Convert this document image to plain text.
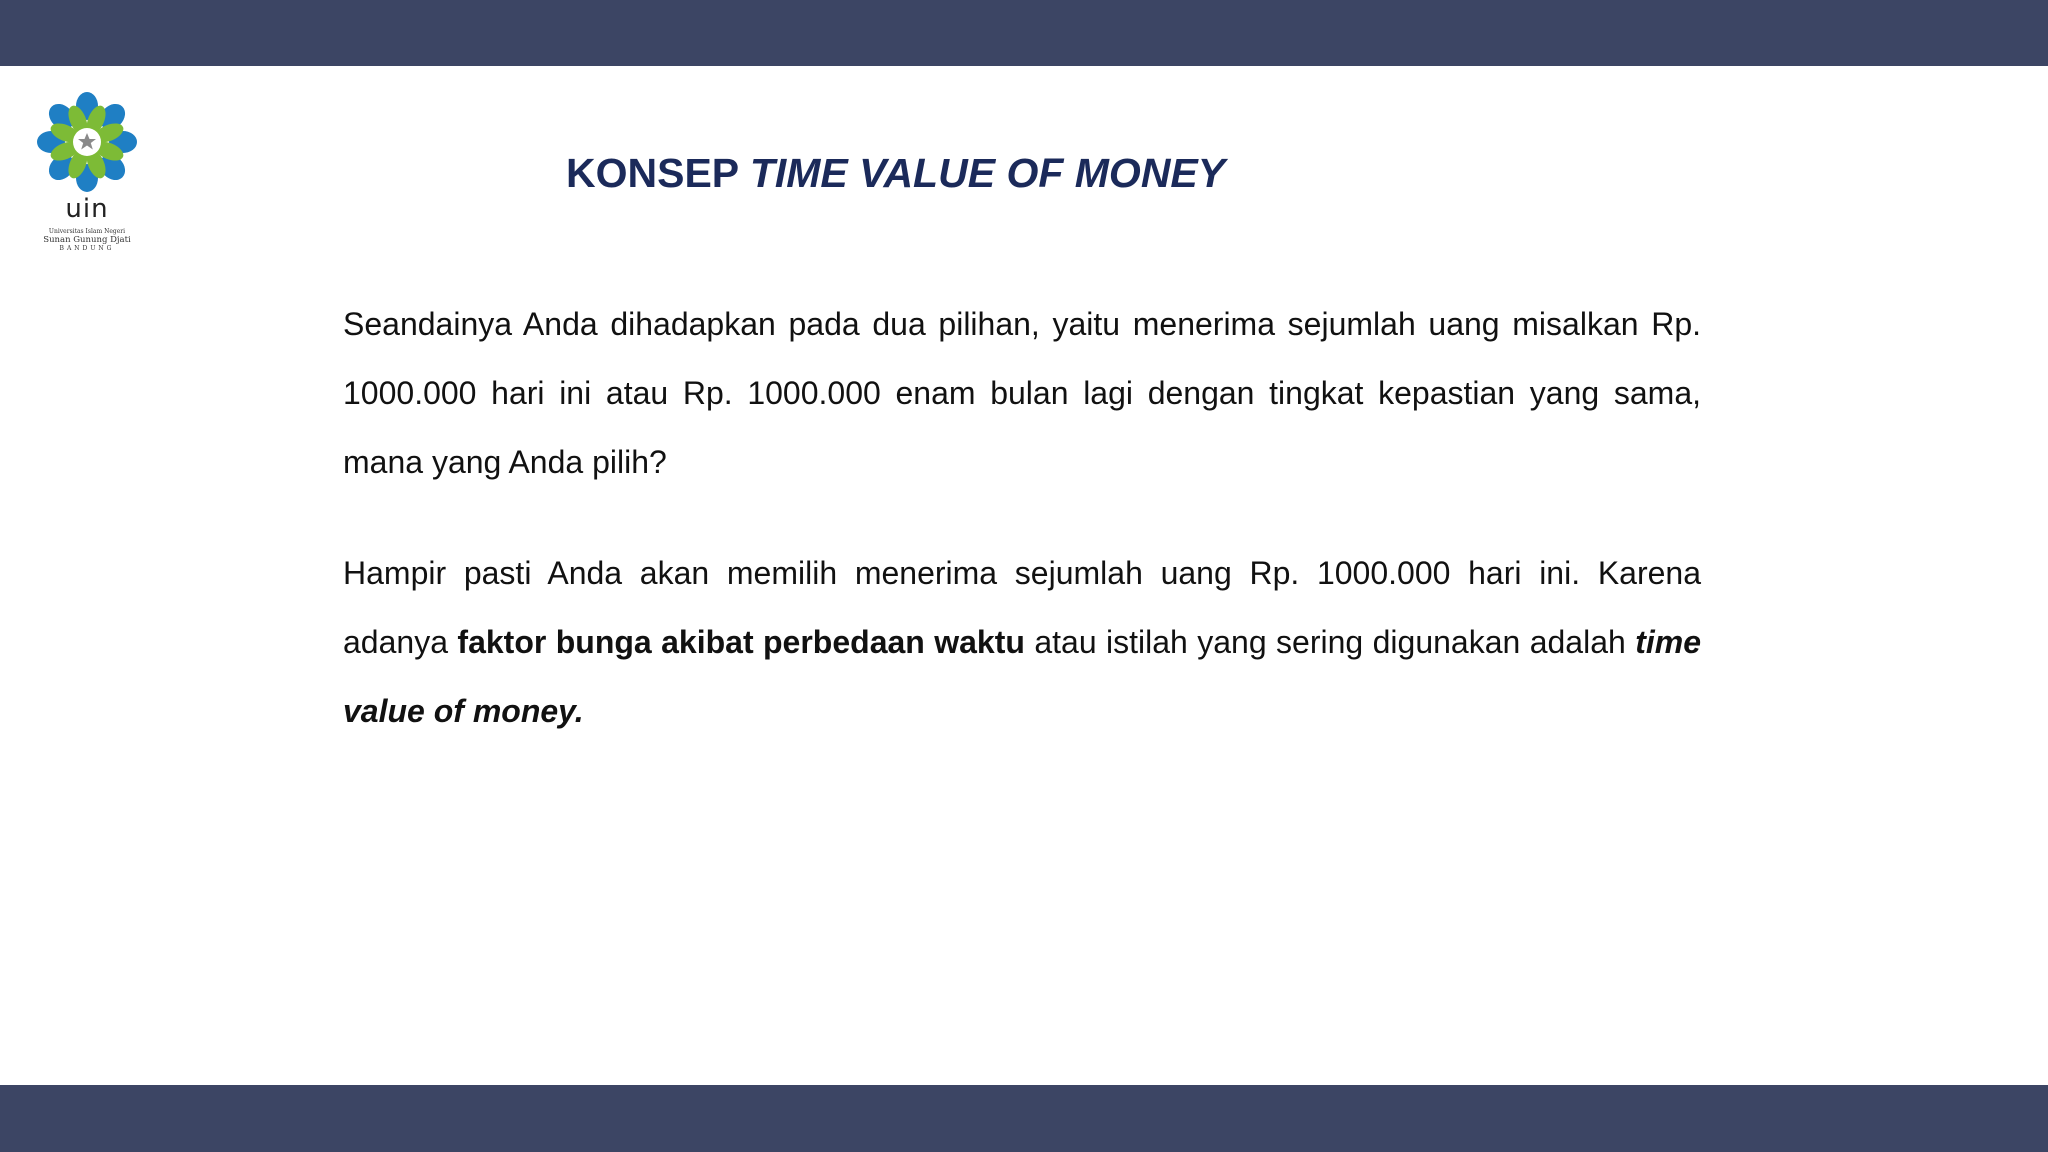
uin
Universitas Islam Negeri
Sunan Gunung Djati
BANDUNG
KONSEP TIME VALUE OF MONEY

Seandainya Anda dihadapkan pada dua pilihan, yaitu menerima sejumlah uang misalkan Rp. 1000.000 hari ini atau Rp. 1000.000 enam bulan lagi dengan tingkat kepastian yang sama, mana yang Anda pilih?

Hampir pasti Anda akan memilih menerima sejumlah uang Rp. 1000.000 hari ini. Karena adanya faktor bunga akibat perbedaan waktu atau istilah yang sering digunakan adalah time value of money.
